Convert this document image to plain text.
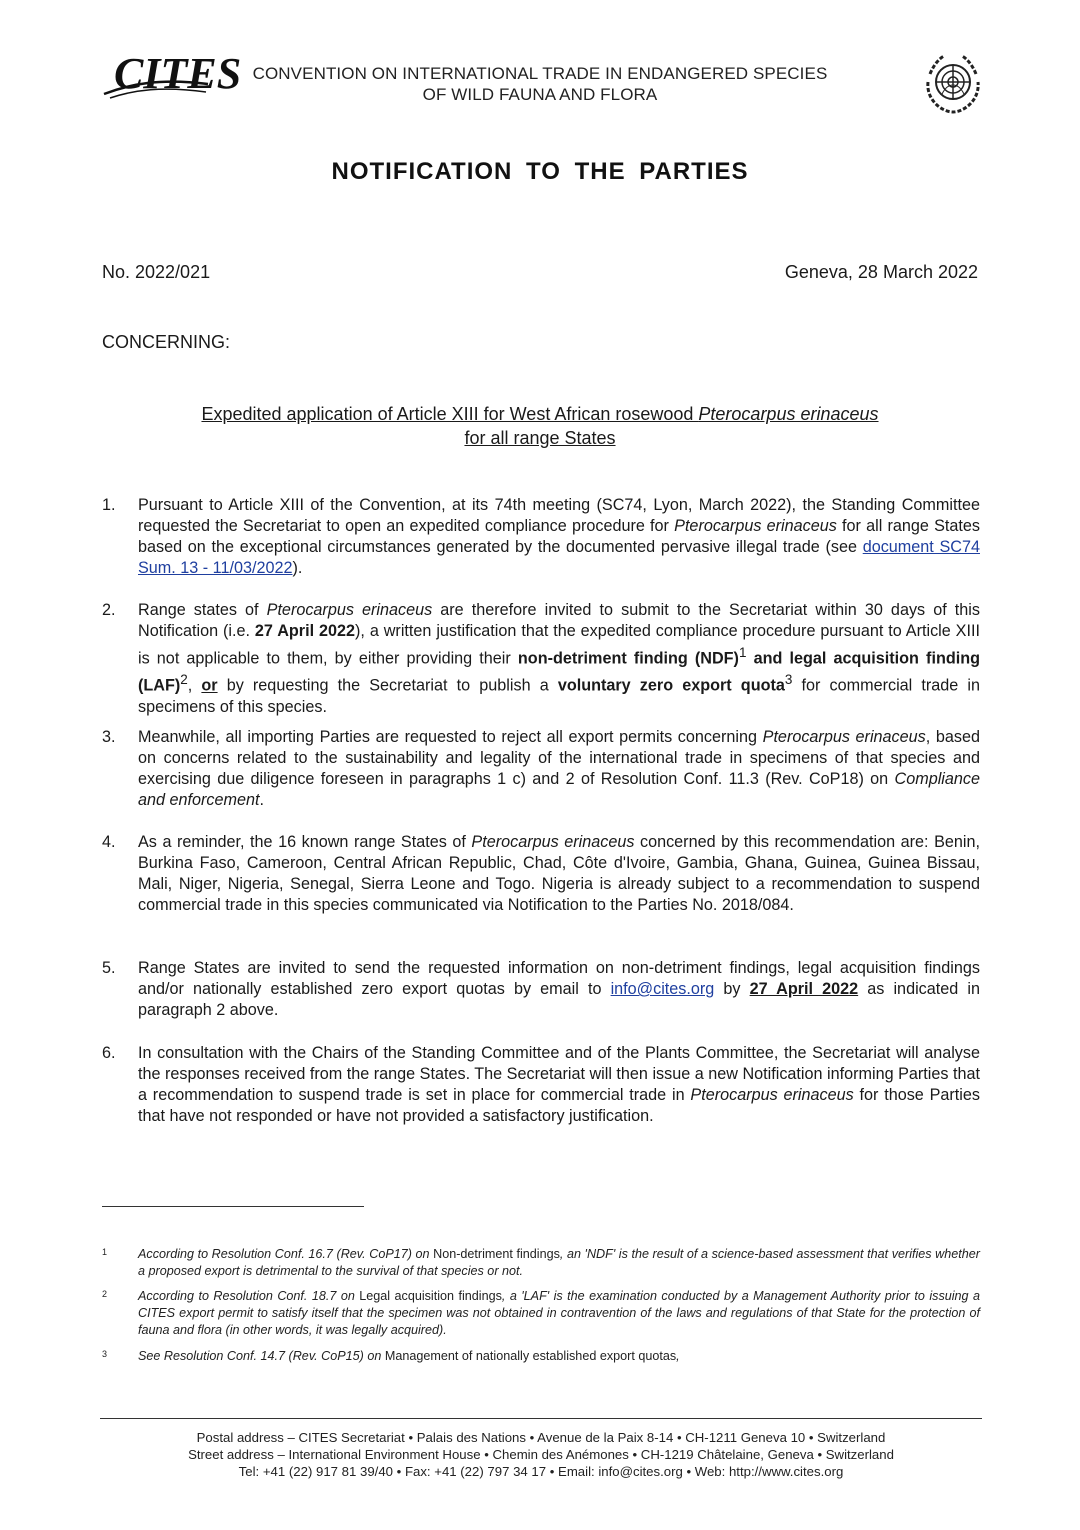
CITES CONVENTION ON INTERNATIONAL TRADE IN ENDANGERED SPECIES
OF WILD FAUNA AND FLORA
NOTIFICATION TO THE PARTIES
No. 2022/021	Geneva, 28 March 2022
CONCERNING:
Expedited application of Article XIII for West African rosewood Pterocarpus erinaceus
for all range States
1.	Pursuant to Article XIII of the Convention, at its 74th meeting (SC74, Lyon, March 2022), the Standing Committee requested the Secretariat to open an expedited compliance procedure for Pterocarpus erinaceus for all range States based on the exceptional circumstances generated by the documented pervasive illegal trade (see document SC74 Sum. 13 - 11/03/2022).
2.	Range states of Pterocarpus erinaceus are therefore invited to submit to the Secretariat within 30 days of this Notification (i.e. 27 April 2022), a written justification that the expedited compliance procedure pursuant to Article XIII is not applicable to them, by either providing their non-detriment finding (NDF)$^1$ and legal acquisition finding (LAF)$^2$, or by requesting the Secretariat to publish a voluntary zero export quota$^3$ for commercial trade in specimens of this species.
3.	Meanwhile, all importing Parties are requested to reject all export permits concerning Pterocarpus erinaceus, based on concerns related to the sustainability and legality of the international trade in specimens of that species and exercising due diligence foreseen in paragraphs 1 c) and 2 of Resolution Conf. 11.3 (Rev. CoP18) on Compliance and enforcement.
4.	As a reminder, the 16 known range States of Pterocarpus erinaceus concerned by this recommendation are: Benin, Burkina Faso, Cameroon, Central African Republic, Chad, Côte d'Ivoire, Gambia, Ghana, Guinea, Guinea Bissau, Mali, Niger, Nigeria, Senegal, Sierra Leone and Togo. Nigeria is already subject to a recommendation to suspend commercial trade in this species communicated via Notification to the Parties No. 2018/084.
5.	Range States are invited to send the requested information on non-detriment findings, legal acquisition findings and/or nationally established zero export quotas by email to info@cites.org by 27 April 2022 as indicated in paragraph 2 above.
6.	In consultation with the Chairs of the Standing Committee and of the Plants Committee, the Secretariat will analyse the responses received from the range States. The Secretariat will then issue a new Notification informing Parties that a recommendation to suspend trade is set in place for commercial trade in Pterocarpus erinaceus for those Parties that have not responded or have not provided a satisfactory justification.
1 According to Resolution Conf. 16.7 (Rev. CoP17) on Non-detriment findings, an 'NDF' is the result of a science-based assessment that verifies whether a proposed export is detrimental to the survival of that species or not.
2 According to Resolution Conf. 18.7 on Legal acquisition findings, a 'LAF' is the examination conducted by a Management Authority prior to issuing a CITES export permit to satisfy itself that the specimen was not obtained in contravention of the laws and regulations of that State for the protection of fauna and flora (in other words, it was legally acquired).
3 See Resolution Conf. 14.7 (Rev. CoP15) on Management of nationally established export quotas,
Postal address – CITES Secretariat • Palais des Nations • Avenue de la Paix 8-14 • CH-1211 Geneva 10 • Switzerland
Street address – International Environment House • Chemin des Anémones • CH-1219 Châtelaine, Geneva • Switzerland
Tel: +41 (22) 917 81 39/40 • Fax: +41 (22) 797 34 17 • Email: info@cites.org • Web: http://www.cites.org
